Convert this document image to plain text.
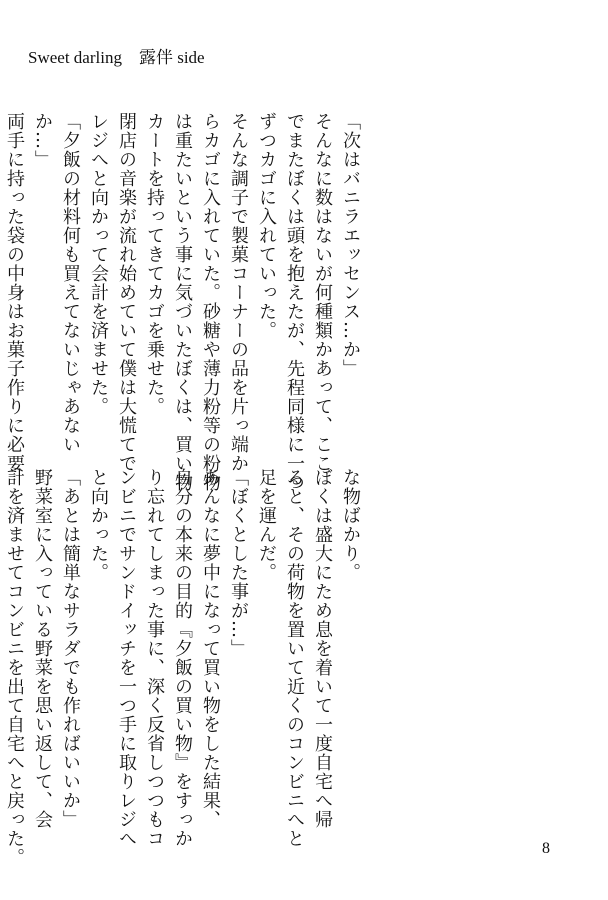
Sweet darling　露伴 side
「次はバニラエッセンス…か」
そんなに数はないが何種類かあって、ここ
でまたぼくは頭を抱えたが、先程同様に一つ
ずつカゴに入れていった。
そんな調子で製菓コーナーの品を片っ端か
らカゴに入れていた。砂糖や薄力粉等の粉物
は重たいという事に気づいたぼくは、買い物
カートを持ってきてカゴを乗せた。
閉店の音楽が流れ始めていて僕は大慌てで
レジへと向かって会計を済ませた。
「夕飯の材料何も買えてないじゃあない
か…」
両手に持った袋の中身はお菓子作りに必要
な物ばかり。
ぼくは盛大にため息を着いて一度自宅へ帰
ると、その荷物を置いて近くのコンビニへと
足を運んだ。
「ぼくとした事が…」
あんなに夢中になって買い物をした結果、
自分の本来の目的『夕飯の買い物』をすっか
り忘れてしまった事に、深く反省しつつもコ
ンビニでサンドイッチを一つ手に取りレジへ
と向かった。
「あとは簡単なサラダでも作ればいいか」
野菜室に入っている野菜を思い返して、会
計を済ませてコンビニを出て自宅へと戻った。	8
